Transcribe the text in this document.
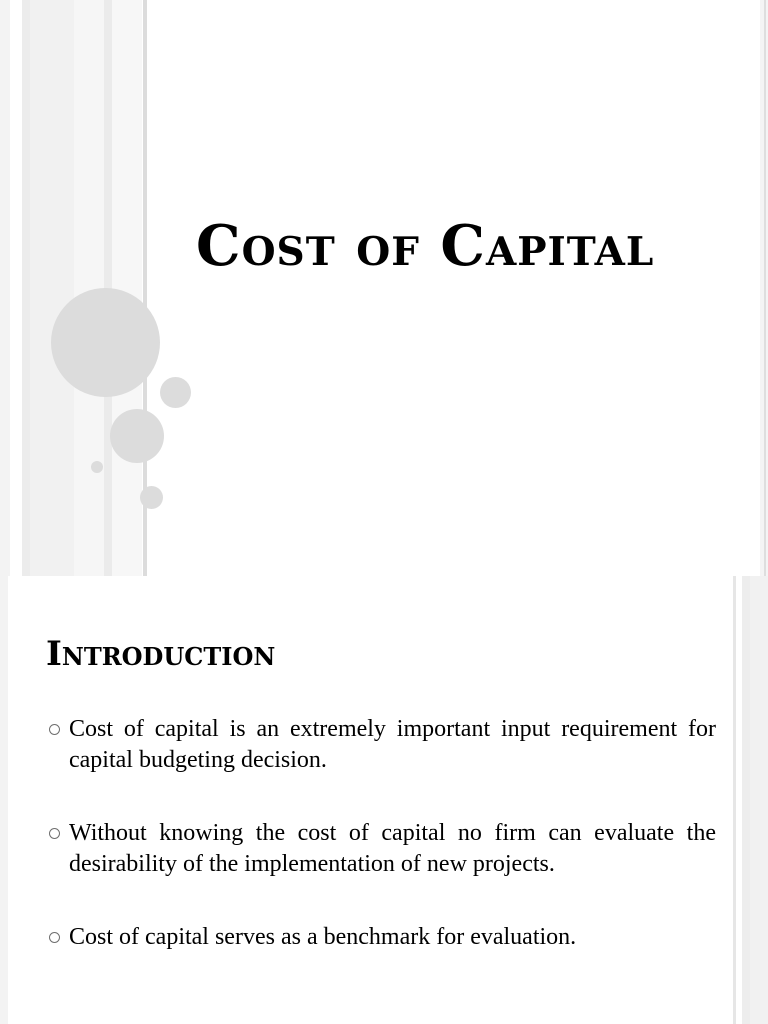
Cost of Capital
Introduction
Cost of capital is an extremely important input requirement for capital budgeting decision.
Without knowing the cost of capital no firm can evaluate the desirability of the implementation of new projects.
Cost of capital serves as a benchmark for evaluation.
